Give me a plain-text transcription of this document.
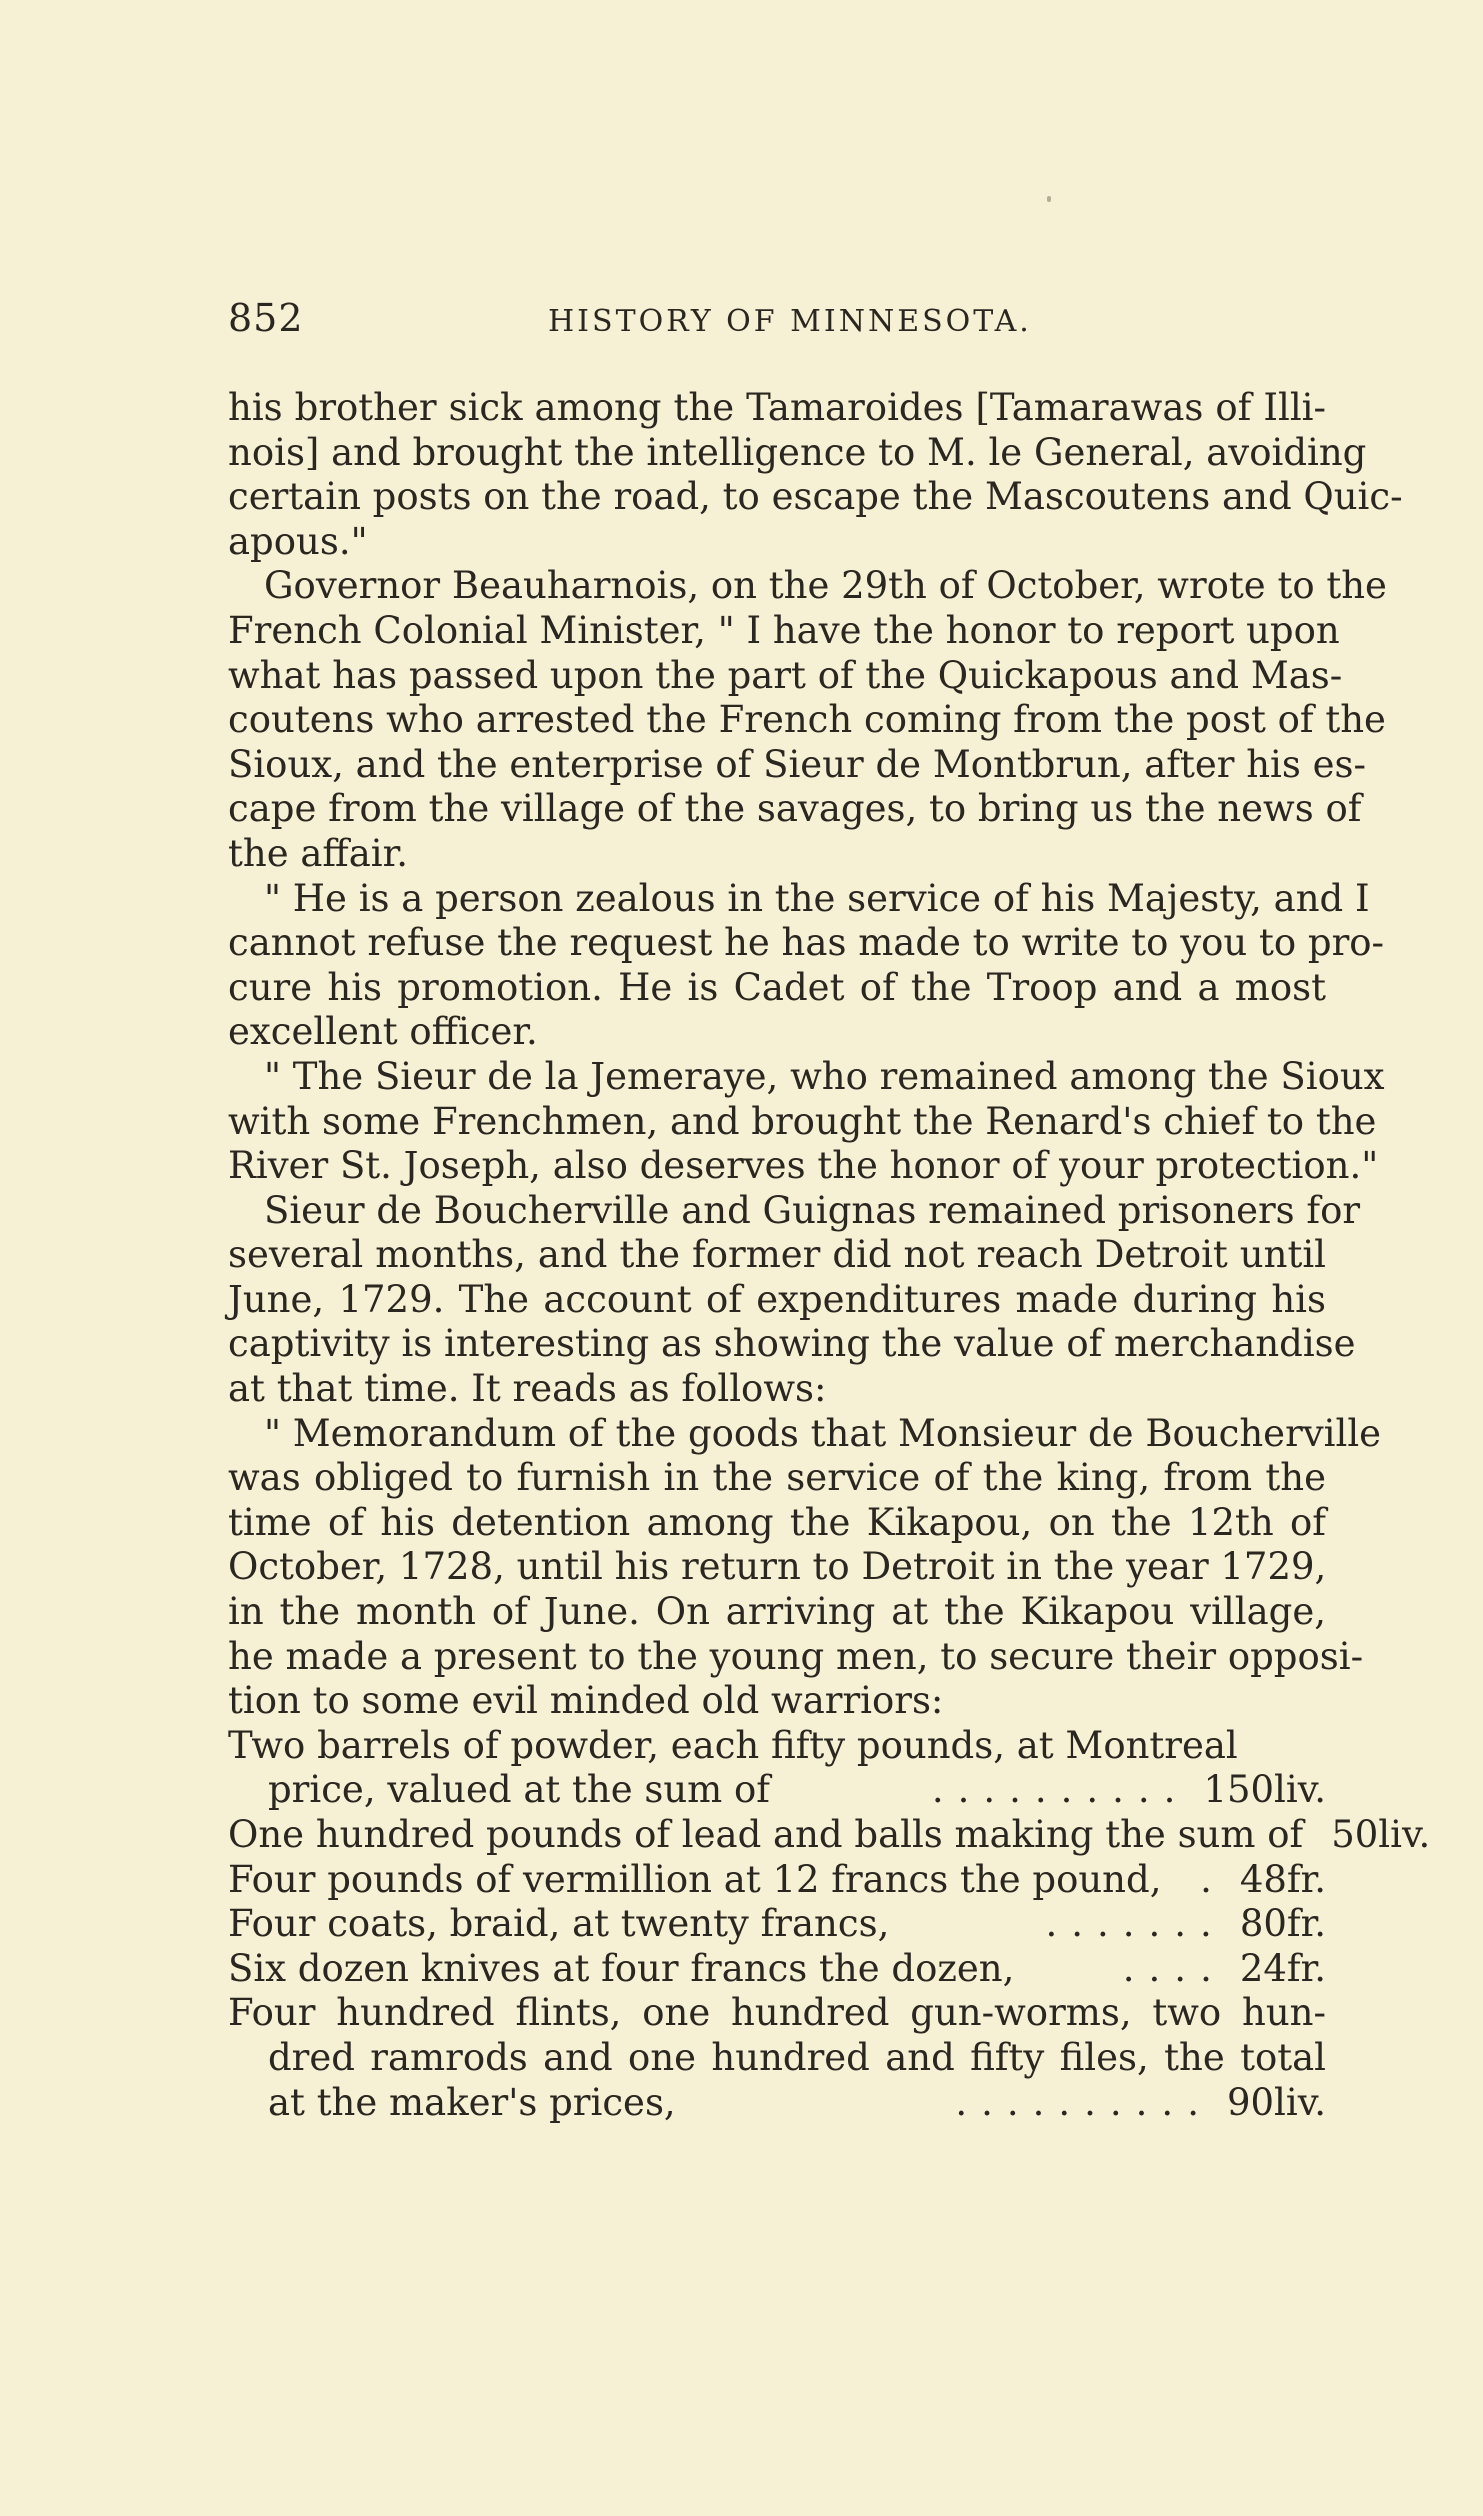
852	HISTORY OF MINNESOTA.
his brother sick among the Tamaroides [Tamarawas of Illi-
nois] and brought the intelligence to M. le General, avoiding
certain posts on the road, to escape the Mascoutens and Quic-
apous."
Governor Beauharnois, on the 29th of October, wrote to the
French Colonial Minister, " I have the honor to report upon
what has passed upon the part of the Quickapous and Mas-
coutens who arrested the French coming from the post of the
Sioux, and the enterprise of Sieur de Montbrun, after his es-
cape from the village of the savages, to bring us the news of
the affair.
" He is a person zealous in the service of his Majesty, and I
cannot refuse the request he has made to write to you to pro-
cure his promotion. He is Cadet of the Troop and a most
excellent officer.
" The Sieur de la Jemeraye, who remained among the Sioux
with some Frenchmen, and brought the Renard's chief to the
River St. Joseph, also deserves the honor of your protection."
Sieur de Boucherville and Guignas remained prisoners for
several months, and the former did not reach Detroit until
June, 1729. The account of expenditures made during his
captivity is interesting as showing the value of merchandise
at that time. It reads as follows:
" Memorandum of the goods that Monsieur de Boucherville
was obliged to furnish in the service of the king, from the
time of his detention among the Kikapou, on the 12th of
October, 1728, until his return to Detroit in the year 1729,
in the month of June. On arriving at the Kikapou village,
he made a present to the young men, to secure their opposi-
tion to some evil minded old warriors:
Two barrels of powder, each fifty pounds, at Montreal
price, valued at the sum of	.......... 150liv.
One hundred pounds of lead and balls making the sum of 50liv.
Four pounds of vermillion at 12 francs the pound,	. 48fr.
Four coats, braid, at twenty francs,	....... 80fr.
Six dozen knives at four francs the dozen,	.... 24fr.
Four hundred flints, one hundred gun-worms, two hun-
dred ramrods and one hundred and fifty files, the total
at the maker's prices,	.......... 90liv.
